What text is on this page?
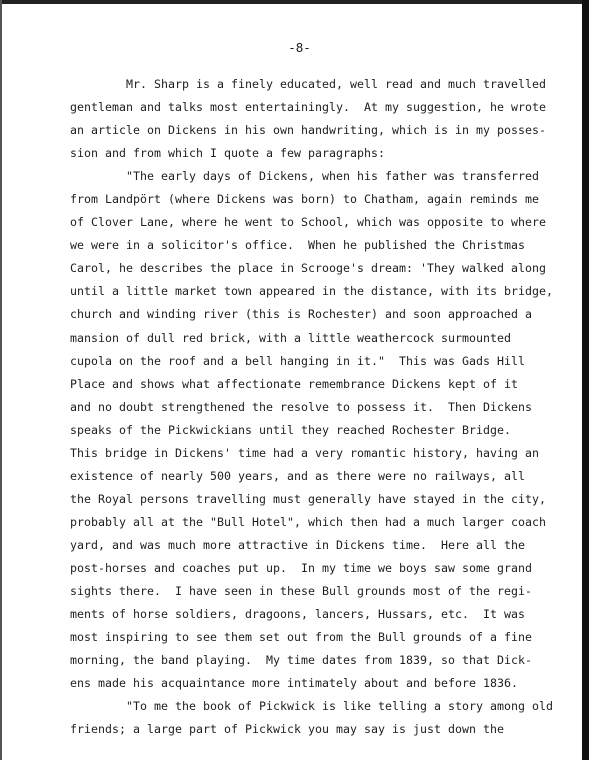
-8-
Mr. Sharp is a finely educated, well read and much travelled
gentleman and talks most entertainingly.  At my suggestion, he wrote
an article on Dickens in his own handwriting, which is in my posses-
sion and from which I quote a few paragraphs:
"The early days of Dickens, when his father was transferred
from Landpört (where Dickens was born) to Chatham, again reminds me
of Clover Lane, where he went to School, which was opposite to where
we were in a solicitor's office.  When he published the Christmas
Carol, he describes the place in Scrooge's dream: 'They walked along
until a little market town appeared in the distance, with its bridge,
church and winding river (this is Rochester) and soon approached a
mansion of dull red brick, with a little weathercock surmounted
cupola on the roof and a bell hanging in it."  This was Gads Hill
Place and shows what affectionate remembrance Dickens kept of it
and no doubt strengthened the resolve to possess it.  Then Dickens
speaks of the Pickwickians until they reached Rochester Bridge.
This bridge in Dickens' time had a very romantic history, having an
existence of nearly 500 years, and as there were no railways, all
the Royal persons travelling must generally have stayed in the city,
probably all at the "Bull Hotel", which then had a much larger coach
yard, and was much more attractive in Dickens time.  Here all the
post-horses and coaches put up.  In my time we boys saw some grand
sights there.  I have seen in these Bull grounds most of the regi-
ments of horse soldiers, dragoons, lancers, Hussars, etc.  It was
most inspiring to see them set out from the Bull grounds of a fine
morning, the band playing.  My time dates from 1839, so that Dick-
ens made his acquaintance more intimately about and before 1836.
"To me the book of Pickwick is like telling a story among old
friends; a large part of Pickwick you may say is just down the
